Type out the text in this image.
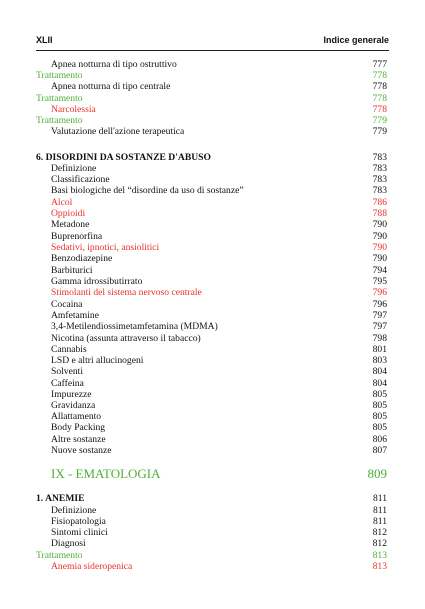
XLII	Indice generale
Apnea notturna di tipo ostruttivo	777
Trattamento	778
Apnea notturna di tipo centrale	778
Trattamento	778
Narcolessia	778
Trattamento	779
Valutazione dell'azione terapeutica	779
6. DISORDINI DA SOSTANZE D'ABUSO	783
Definizione	783
Classificazione	783
Basi biologiche del “disordine da uso di sostanze”	783
Alcol	786
Oppioidi	788
Metadone	790
Buprenorfina	790
Sedativi, ipnotici, ansiolitici	790
Benzodiazepine	790
Barbiturici	794
Gamma idrossibutirrato	795
Stimolanti del sistema nervoso centrale	796
Cocaina	796
Amfetamine	797
3,4-Metilendiossimetamfetamina (MDMA)	797
Nicotina (assunta attraverso il tabacco)	798
Cannabis	801
LSD e altri allucinogeni	803
Solventi	804
Caffeina	804
Impurezze	805
Gravidanza	805
Allattamento	805
Body Packing	805
Altre sostanze	806
Nuove sostanze	807
IX - EMATOLOGIA	809
1. ANEMIE	811
Definizione	811
Fisiopatologia	811
Sintomi clinici	812
Diagnosi	812
Trattamento	813
Anemia sideropenica	813
